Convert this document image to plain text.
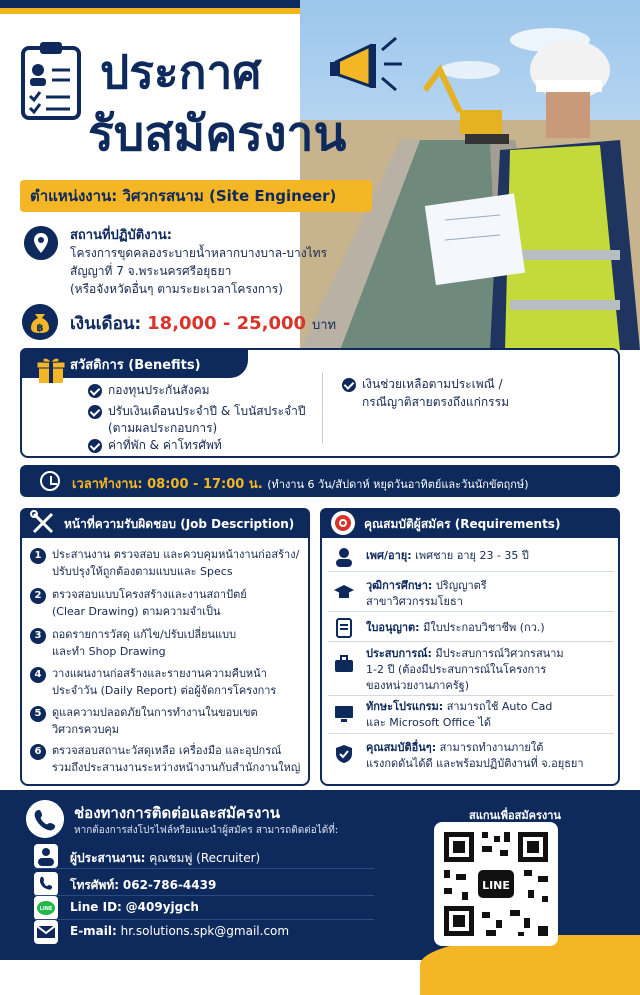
ประกาศ
รับสมัครงาน
ตำแหน่งงาน: วิศวกรสนาม (Site Engineer)
สถานที่ปฏิบัติงาน:
โครงการขุดคลองระบายน้ำหลากบางบาล-บางไทร
สัญญาที่ 7 จ.พระนครศรีอยุธยา
(หรือจังหวัดอื่นๆ ตามระยะเวลาโครงการ)
฿ เงินเดือน: 18,000 - 25,000 บาท
สวัสดิการ (Benefits)
กองทุนประกันสังคม
ปรับเงินเดือนประจำปี & โบนัสประจำปี
(ตามผลประกอบการ)
ค่าที่พัก & ค่าโทรศัพท์
เงินช่วยเหลือตามประเพณี /
กรณีญาติสายตรงถึงแก่กรรม
เวลาทำงาน: 08:00 - 17:00 น. (ทำงาน 6 วัน/สัปดาห์ หยุดวันอาทิตย์และวันนักขัตฤกษ์)
หน้าที่ความรับผิดชอบ (Job Description)
1 ประสานงาน ตรวจสอบ และควบคุมหน้างานก่อสร้าง/
ปรับปรุงให้ถูกต้องตามแบบและ Specs
2 ตรวจสอบแบบโครงสร้างและงานสถาปัตย์
(Clear Drawing) ตามความจำเป็น
3 ถอดรายการวัสดุ แก้ไข/ปรับเปลี่ยนแบบ
และทำ Shop Drawing
4 วางแผนงานก่อสร้างและรายงานความคืบหน้า
ประจำวัน (Daily Report) ต่อผู้จัดการโครงการ
5 ดูแลความปลอดภัยในการทำงานในขอบเขต
วิศวกรควบคุม
6 ตรวจสอบสถานะวัสดุเหลือ เครื่องมือ และอุปกรณ์
รวมถึงประสานงานระหว่างหน้างานกับสำนักงานใหญ่
คุณสมบัติผู้สมัคร (Requirements)
เพศ/อายุ: เพศชาย อายุ 23 - 35 ปี
วุฒิการศึกษา: ปริญญาตรี
สาขาวิศวกรรมโยธา
ใบอนุญาต: มีใบประกอบวิชาชีพ (กว.)
ประสบการณ์: มีประสบการณ์วิศวกรสนาม
1-2 ปี (ต้องมีประสบการณ์ในโครงการ
ของหน่วยงานภาครัฐ)
ทักษะโปรแกรม: สามารถใช้ Auto Cad
และ Microsoft Office ได้
คุณสมบัติอื่นๆ: สามารถทำงานภายใต้
แรงกดดันได้ดี และพร้อมปฏิบัติงานที่ จ.อยุธยา
ช่องทางการติดต่อและสมัครงาน
หากต้องการส่งโปรไฟล์หรือแนะนำผู้สมัคร สามารถติดต่อได้ที่:
ผู้ประสานงาน: คุณชมพู่ (Recruiter)
โทรศัพท์: 062-786-4439
LINE Line ID: @409yjgch
E-mail: hr.solutions.spk@gmail.com
สแกนเพื่อสมัครงาน
LINE
